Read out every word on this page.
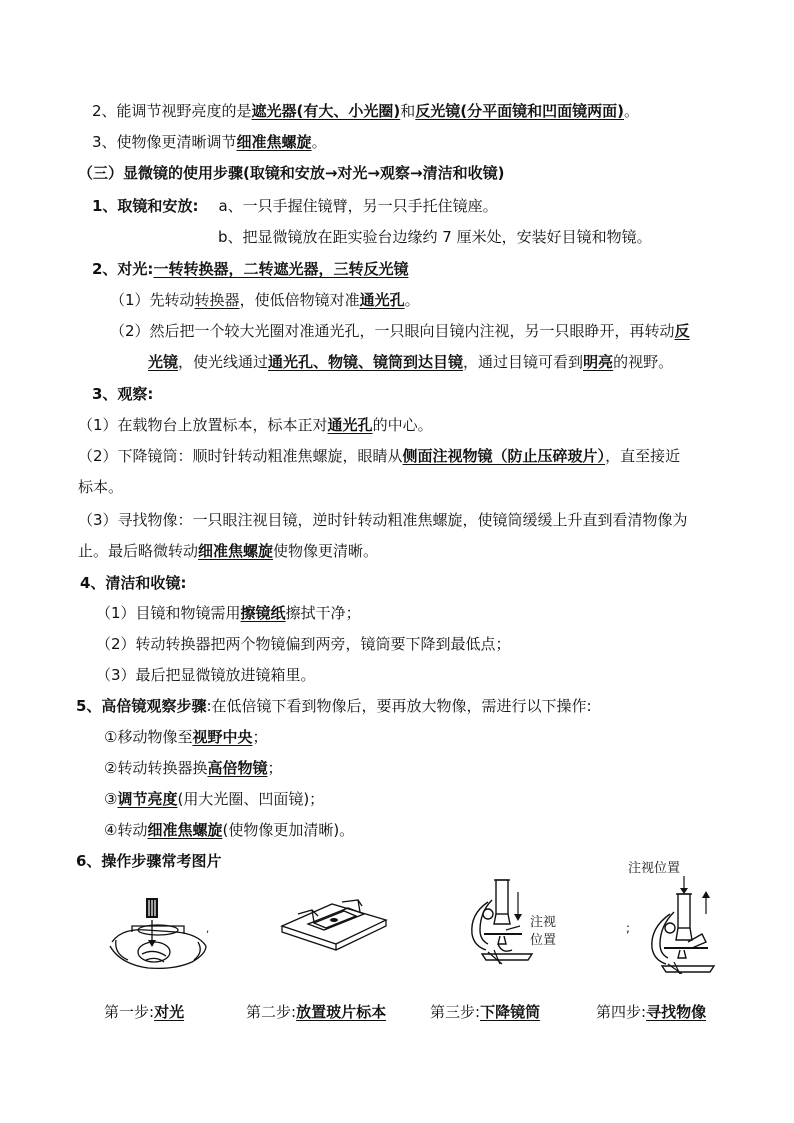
2、能调节视野亮度的是遮光器(有大、小光圈)和反光镜(分平面镜和凹面镜两面)。
3、使物像更清晰调节细准焦螺旋。
（三）显微镜的使用步骤(取镜和安放→对光→观察→清洁和收镜)
1、取镜和安放: a、一只手握住镜臂，另一只手托住镜座。
b、把显微镜放在距实验台边缘约 7 厘米处，安装好目镜和物镜。
2、对光:一转转换器，二转遮光器，三转反光镜
（1）先转动转换器，使低倍物镜对准通光孔。
（2）然后把一个较大光圈对准通光孔，一只眼向目镜内注视，另一只眼睁开，再转动反
光镜，使光线通过通光孔、物镜、镜筒到达目镜，通过目镜可看到明亮的视野。
3、观察:
（1）在载物台上放置标本，标本正对通光孔的中心。
（2）下降镜筒：顺时针转动粗准焦螺旋，眼睛从侧面注视物镜（防止压碎玻片），直至接近
标本。
（3）寻找物像：一只眼注视目镜，逆时针转动粗准焦螺旋，使镜筒缓缓上升直到看清物像为
止。最后略微转动细准焦螺旋使物像更清晰。
4、清洁和收镜:
（1）目镜和物镜需用擦镜纸擦拭干净；
（2）转动转换器把两个物镜偏到两旁，镜筒要下降到最低点；
（3）最后把显微镜放进镜箱里。
5、高倍镜观察步骤:在低倍镜下看到物像后，要再放大物像，需进行以下操作:
①移动物像至视野中央；
②转动转换器换高倍物镜；
③调节亮度(用大光圈、凹面镜)；
④转动细准焦螺旋(使物像更加清晰)。
6、操作步骤常考图片
,	注视
位置
注视位置
;
第一步:对光	第二步:放置玻片标本	第三步:下降镜筒	第四步:寻找物像
